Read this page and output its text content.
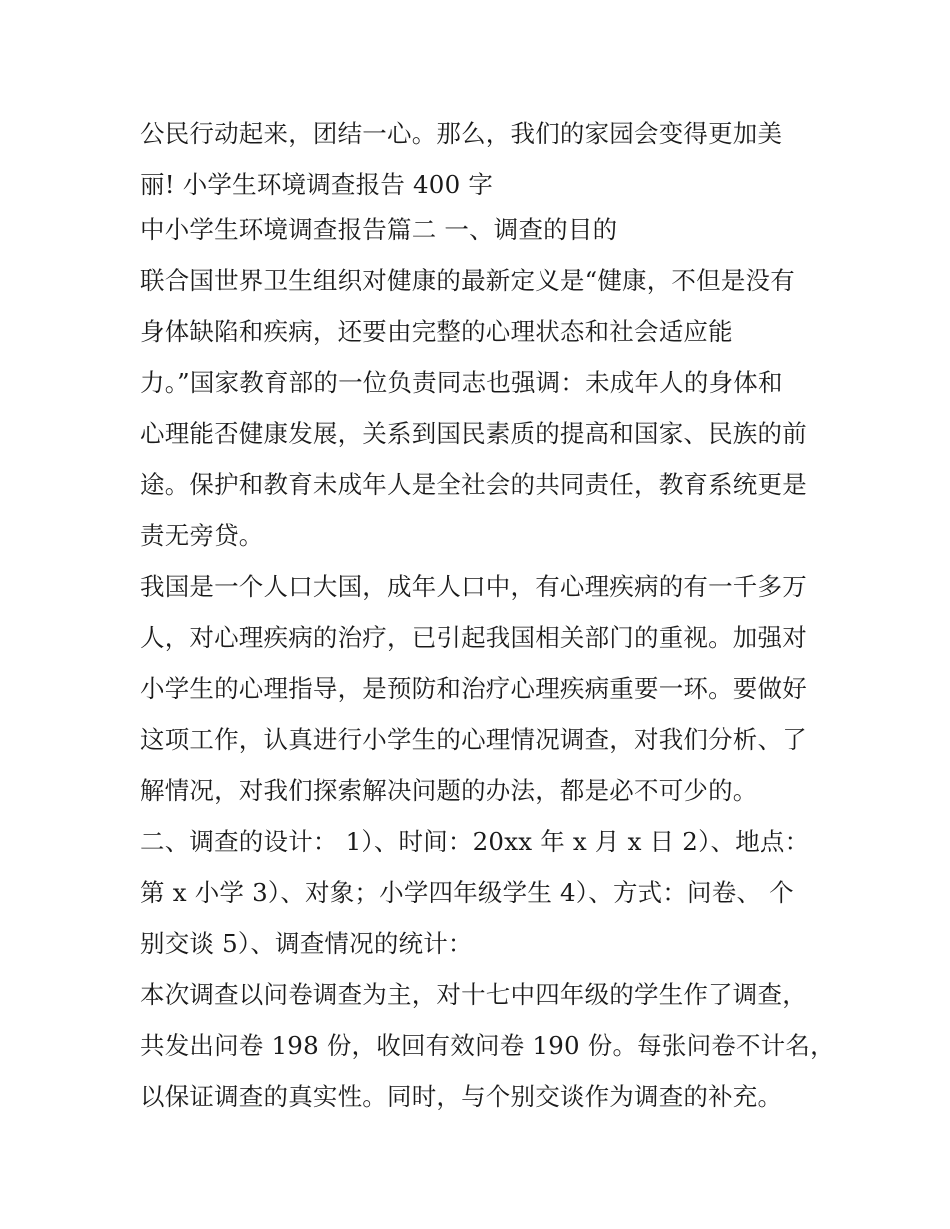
公民行动起来，团结一心。那么，我们的家园会变得更加美
丽! 小学生环境调查报告 400 字
中小学生环境调查报告篇二 一、调查的目的
联合国世界卫生组织对健康的最新定义是“健康，不但是没有
身体缺陷和疾病，还要由完整的心理状态和社会适应能
力。”国家教育部的一位负责同志也强调：未成年人的身体和
心理能否健康发展，关系到国民素质的提高和国家、民族的前
途。保护和教育未成年人是全社会的共同责任，教育系统更是
责无旁贷。
我国是一个人口大国，成年人口中，有心理疾病的有一千多万
人，对心理疾病的治疗，已引起我国相关部门的重视。加强对
小学生的心理指导，是预防和治疗心理疾病重要一环。要做好
这项工作，认真进行小学生的心理情况调查，对我们分析、了
解情况，对我们探索解决问题的办法，都是必不可少的。
二、调查的设计： 1）、时间：20xx 年 x 月 x 日 2）、地点：
第 x 小学 3）、对象；小学四年级学生 4）、方式：问卷、 个
别交谈 5）、调查情况的统计：
本次调查以问卷调查为主，对十七中四年级的学生作了调查，
共发出问卷 198 份，收回有效问卷 190 份。每张问卷不计名，
以保证调查的真实性。同时，与个别交谈作为调查的补充。
